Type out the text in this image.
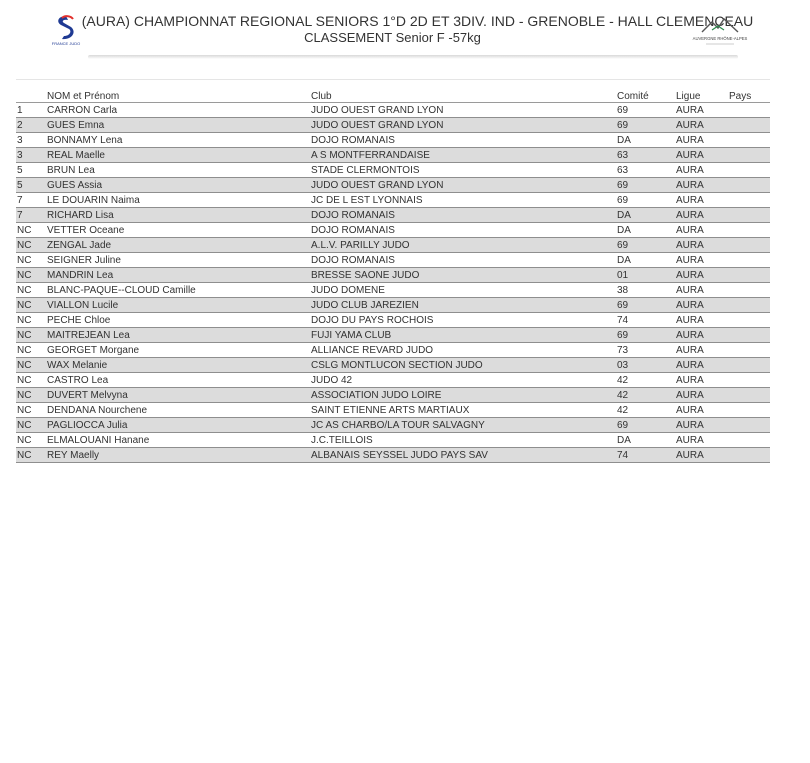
FRANCE JUDO
(AURA) CHAMPIONNAT REGIONAL SENIORS 1°D 2D ET 3DIV. IND - GRENOBLE - HALL CLEMENCEAU
CLASSEMENT Senior F -57kg	AUVERGNE RHÔNE-ALPES
	NOM et Prénom	Club	Comité	Ligue	Pays
1	CARRON Carla	JUDO OUEST GRAND LYON	69	AURA	
2	GUES Emna	JUDO OUEST GRAND LYON	69	AURA	
3	BONNAMY Lena	DOJO ROMANAIS	DA	AURA	
3	REAL Maelle	A S MONTFERRANDAISE	63	AURA	
5	BRUN Lea	STADE CLERMONTOIS	63	AURA	
5	GUES Assia	JUDO OUEST GRAND LYON	69	AURA	
7	LE DOUARIN Naima	JC DE L EST LYONNAIS	69	AURA	
7	RICHARD Lisa	DOJO ROMANAIS	DA	AURA	
NC	VETTER Oceane	DOJO ROMANAIS	DA	AURA	
NC	ZENGAL Jade	A.L.V. PARILLY JUDO	69	AURA	
NC	SEIGNER Juline	DOJO ROMANAIS	DA	AURA	
NC	MANDRIN Lea	BRESSE SAONE JUDO	01	AURA	
NC	BLANC-PAQUE--CLOUD Camille	JUDO DOMENE	38	AURA	
NC	VIALLON Lucile	JUDO CLUB JAREZIEN	69	AURA	
NC	PECHE Chloe	DOJO DU PAYS ROCHOIS	74	AURA	
NC	MAITREJEAN Lea	FUJI YAMA CLUB	69	AURA	
NC	GEORGET Morgane	ALLIANCE REVARD JUDO	73	AURA	
NC	WAX Melanie	CSLG MONTLUCON SECTION JUDO	03	AURA	
NC	CASTRO Lea	JUDO 42	42	AURA	
NC	DUVERT Melvyna	ASSOCIATION JUDO LOIRE	42	AURA	
NC	DENDANA Nourchene	SAINT ETIENNE ARTS MARTIAUX	42	AURA	
NC	PAGLIOCCA Julia	JC AS CHARBO/LA TOUR SALVAGNY	69	AURA	
NC	ELMALOUANI Hanane	J.C.TEILLOIS	DA	AURA	
NC	REY Maelly	ALBANAIS SEYSSEL JUDO PAYS SAV	74	AURA	
